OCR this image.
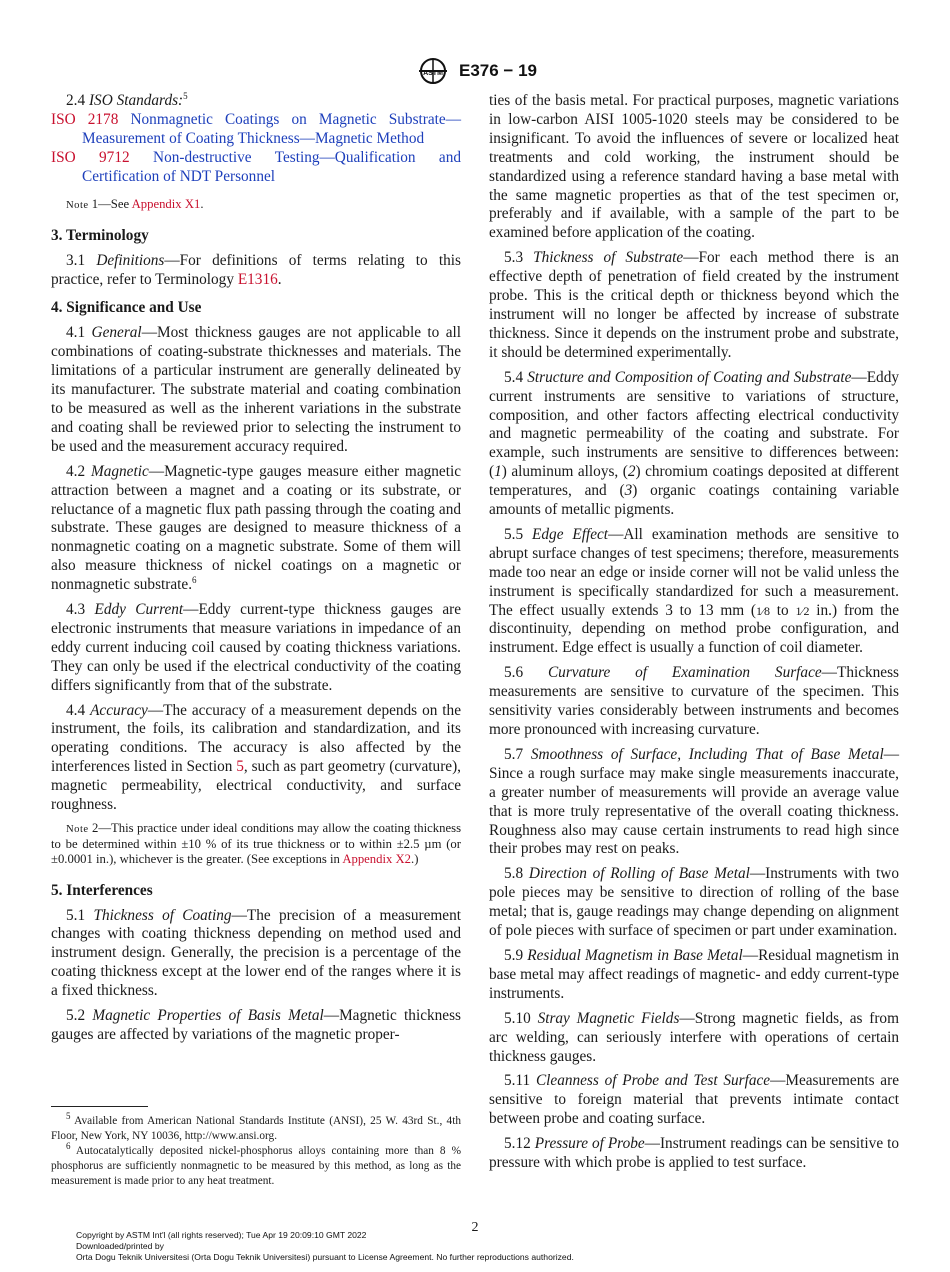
ASTM E376 − 19

2.4 ISO Standards:$^5$

ISO 2178 Nonmagnetic Coatings on Magnetic Substrate—Measurement of Coating Thickness—Magnetic Method

ISO 9712 Non-destructive Testing—Qualification and Certification of NDT Personnel

Note 1—See Appendix X1.

3. Terminology

3.1 Definitions—For definitions of terms relating to this practice, refer to Terminology E1316.

4. Significance and Use

4.1 General—Most thickness gauges are not applicable to all combinations of coating-substrate thicknesses and materials. The limitations of a particular instrument are generally delineated by its manufacturer. The substrate material and coating combination to be measured as well as the inherent variations in the substrate and coating shall be reviewed prior to selecting the instrument to be used and the measurement accuracy required.

4.2 Magnetic—Magnetic-type gauges measure either magnetic attraction between a magnet and a coating or its substrate, or reluctance of a magnetic flux path passing through the coating and substrate. These gauges are designed to measure thickness of a nonmagnetic coating on a magnetic substrate. Some of them will also measure thickness of nickel coatings on a magnetic or nonmagnetic substrate.$^6$

4.3 Eddy Current—Eddy current-type thickness gauges are electronic instruments that measure variations in impedance of an eddy current inducing coil caused by coating thickness variations. They can only be used if the electrical conductivity of the coating differs significantly from that of the substrate.

4.4 Accuracy—The accuracy of a measurement depends on the instrument, the foils, its calibration and standardization, and its operating conditions. The accuracy is also affected by the interferences listed in Section 5, such as part geometry (curvature), magnetic permeability, electrical conductivity, and surface roughness.

Note 2—This practice under ideal conditions may allow the coating thickness to be determined within ±10 % of its true thickness or to within ±2.5 µm (or ±0.0001 in.), whichever is the greater. (See exceptions in Appendix X2.)

5. Interferences

5.1 Thickness of Coating—The precision of a measurement changes with coating thickness depending on method used and instrument design. Generally, the precision is a percentage of the coating thickness except at the lower end of the ranges where it is a fixed thickness.

5.2 Magnetic Properties of Basis Metal—Magnetic thickness gauges are affected by variations of the magnetic proper-

$^5$ Available from American National Standards Institute (ANSI), 25 W. 43rd St., 4th Floor, New York, NY 10036, http://www.ansi.org.

$^6$ Autocatalytically deposited nickel-phosphorus alloys containing more than 8 % phosphorus are sufficiently nonmagnetic to be measured by this method, as long as the measurement is made prior to any heat treatment.

ties of the basis metal. For practical purposes, magnetic variations in low-carbon AISI 1005-1020 steels may be considered to be insignificant. To avoid the influences of severe or localized heat treatments and cold working, the instrument should be standardized using a reference standard having a base metal with the same magnetic properties as that of the test specimen or, preferably and if available, with a sample of the part to be examined before application of the coating.

5.3 Thickness of Substrate—For each method there is an effective depth of penetration of field created by the instrument probe. This is the critical depth or thickness beyond which the instrument will no longer be affected by increase of substrate thickness. Since it depends on the instrument probe and substrate, it should be determined experimentally.

5.4 Structure and Composition of Coating and Substrate—Eddy current instruments are sensitive to variations of structure, composition, and other factors affecting electrical conductivity and magnetic permeability of the coating and substrate. For example, such instruments are sensitive to differences between: (1) aluminum alloys, (2) chromium coatings deposited at different temperatures, and (3) organic coatings containing variable amounts of metallic pigments.

5.5 Edge Effect—All examination methods are sensitive to abrupt surface changes of test specimens; therefore, measurements made too near an edge or inside corner will not be valid unless the instrument is specifically standardized for such a measurement. The effect usually extends 3 to 13 mm (1⁄8 to 1⁄2 in.) from the discontinuity, depending on method probe configuration, and instrument. Edge effect is usually a function of coil diameter.

5.6 Curvature of Examination Surface—Thickness measurements are sensitive to curvature of the specimen. This sensitivity varies considerably between instruments and becomes more pronounced with increasing curvature.

5.7 Smoothness of Surface, Including That of Base Metal—Since a rough surface may make single measurements inaccurate, a greater number of measurements will provide an average value that is more truly representative of the overall coating thickness. Roughness also may cause certain instruments to read high since their probes may rest on peaks.

5.8 Direction of Rolling of Base Metal—Instruments with two pole pieces may be sensitive to direction of rolling of the base metal; that is, gauge readings may change depending on alignment of pole pieces with surface of specimen or part under examination.

5.9 Residual Magnetism in Base Metal—Residual magnetism in base metal may affect readings of magnetic- and eddy current-type instruments.

5.10 Stray Magnetic Fields—Strong magnetic fields, as from arc welding, can seriously interfere with operations of certain thickness gauges.

5.11 Cleanness of Probe and Test Surface—Measurements are sensitive to foreign material that prevents intimate contact between probe and coating surface.

5.12 Pressure of Probe—Instrument readings can be sensitive to pressure with which probe is applied to test surface.

2
Copyright by ASTM Int'l (all rights reserved); Tue Apr 19 20:09:10 GMT 2022
Downloaded/printed by
Orta Dogu Teknik Universitesi (Orta Dogu Teknik Universitesi) pursuant to License Agreement. No further reproductions authorized.
